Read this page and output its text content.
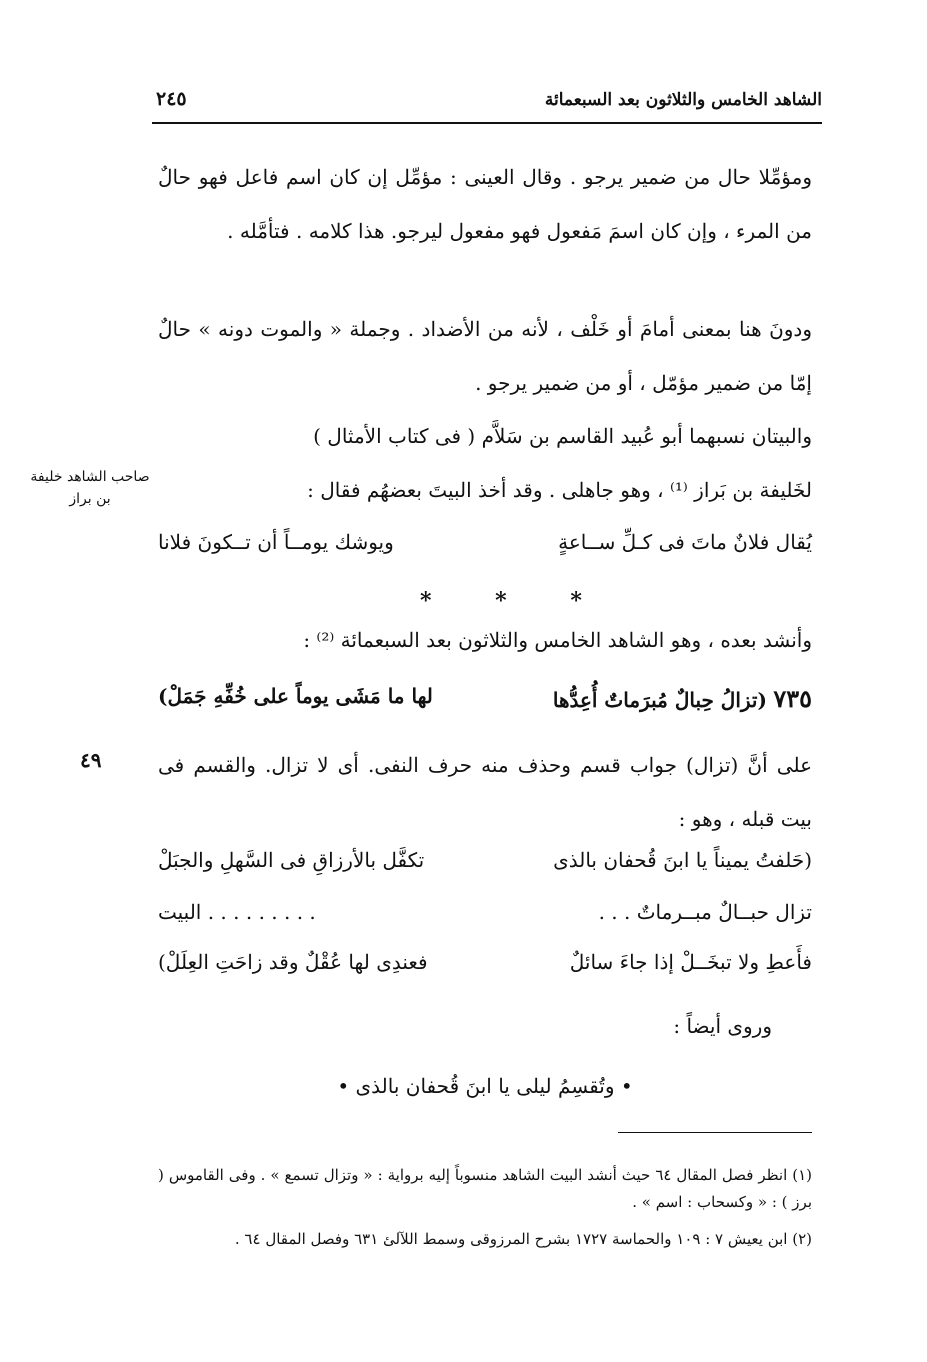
الشاهد الخامس والثلاثون بعد السبعمائة
٢٤٥
ومؤمِّلا حال من ضمير يرجو . وقال العينى : مؤمِّل إن كان اسم فاعل فهو حالٌ من المرء ، وإن كان اسمَ مَفعول فهو مفعول ليرجو. هذا كلامه . فتأمَّله .
ودونَ هنا بمعنى أمامَ أو خَلْف ، لأنه من الأضداد . وجملة « والموت دونه » حالٌ إمّا من ضمير مؤمّل ، أو من ضمير يرجو .
والبيتان نسبهما أبو عُبيد القاسم بن سَلاَّم ( فى كتاب الأمثال )
لخَليفة بن بَراز ⁽¹⁾ ، وهو جاهلى . وقد أخذ البيتَ بعضهُم فقال :
صاحب الشاهد خليفة بن براز
يُقال فلانٌ ماتَ فى كـلِّ ســاعةٍ
ويوشك يومــاً أن تــكونَ فلانا
* * *
وأنشد بعده ، وهو الشاهد الخامس والثلاثون بعد السبعمائة ⁽²⁾ :
٧٣٥ (تزالُ حِبالٌ مُبرَماتٌ أُعِدُّها
لها ما مَشَى يوماً على خُفِّهِ جَمَلْ)
على أنَّ (تزال) جواب قسم وحذف منه حرف النفى. أى لا تزال. والقسم فى بيت قبله ، وهو :
٤٩
(حَلفتُ يميناً يا ابنَ قُحفان بالذى
تكفَّل بالأرزاقِ فى السَّهلِ والجبَلْ
تزال حبــالٌ مبــرماتٌ . . .
. . . . . . . . . البيت
فأَعطِ ولا تبخَــلْ إذا جاءَ سائلٌ
فعندِى لها عُقْلٌ وقد زاحَتِ العِلَلْ)
وروى أيضاً :
• وتُقسِمُ ليلى يا ابنَ قُحفان بالذى •
(١) انظر فصل المقال ٦٤ حيث أنشد البيت الشاهد منسوباً إليه برواية : « وتزال تسمع » . وفى القاموس ( برز ) : « وكسحاب : اسم » .
(٢) ابن يعيش ٧ : ١٠٩ والحماسة ١٧٢٧ بشرح المرزوقى وسمط اللآلئ ٦٣١ وفصل المقال ٦٤ .
